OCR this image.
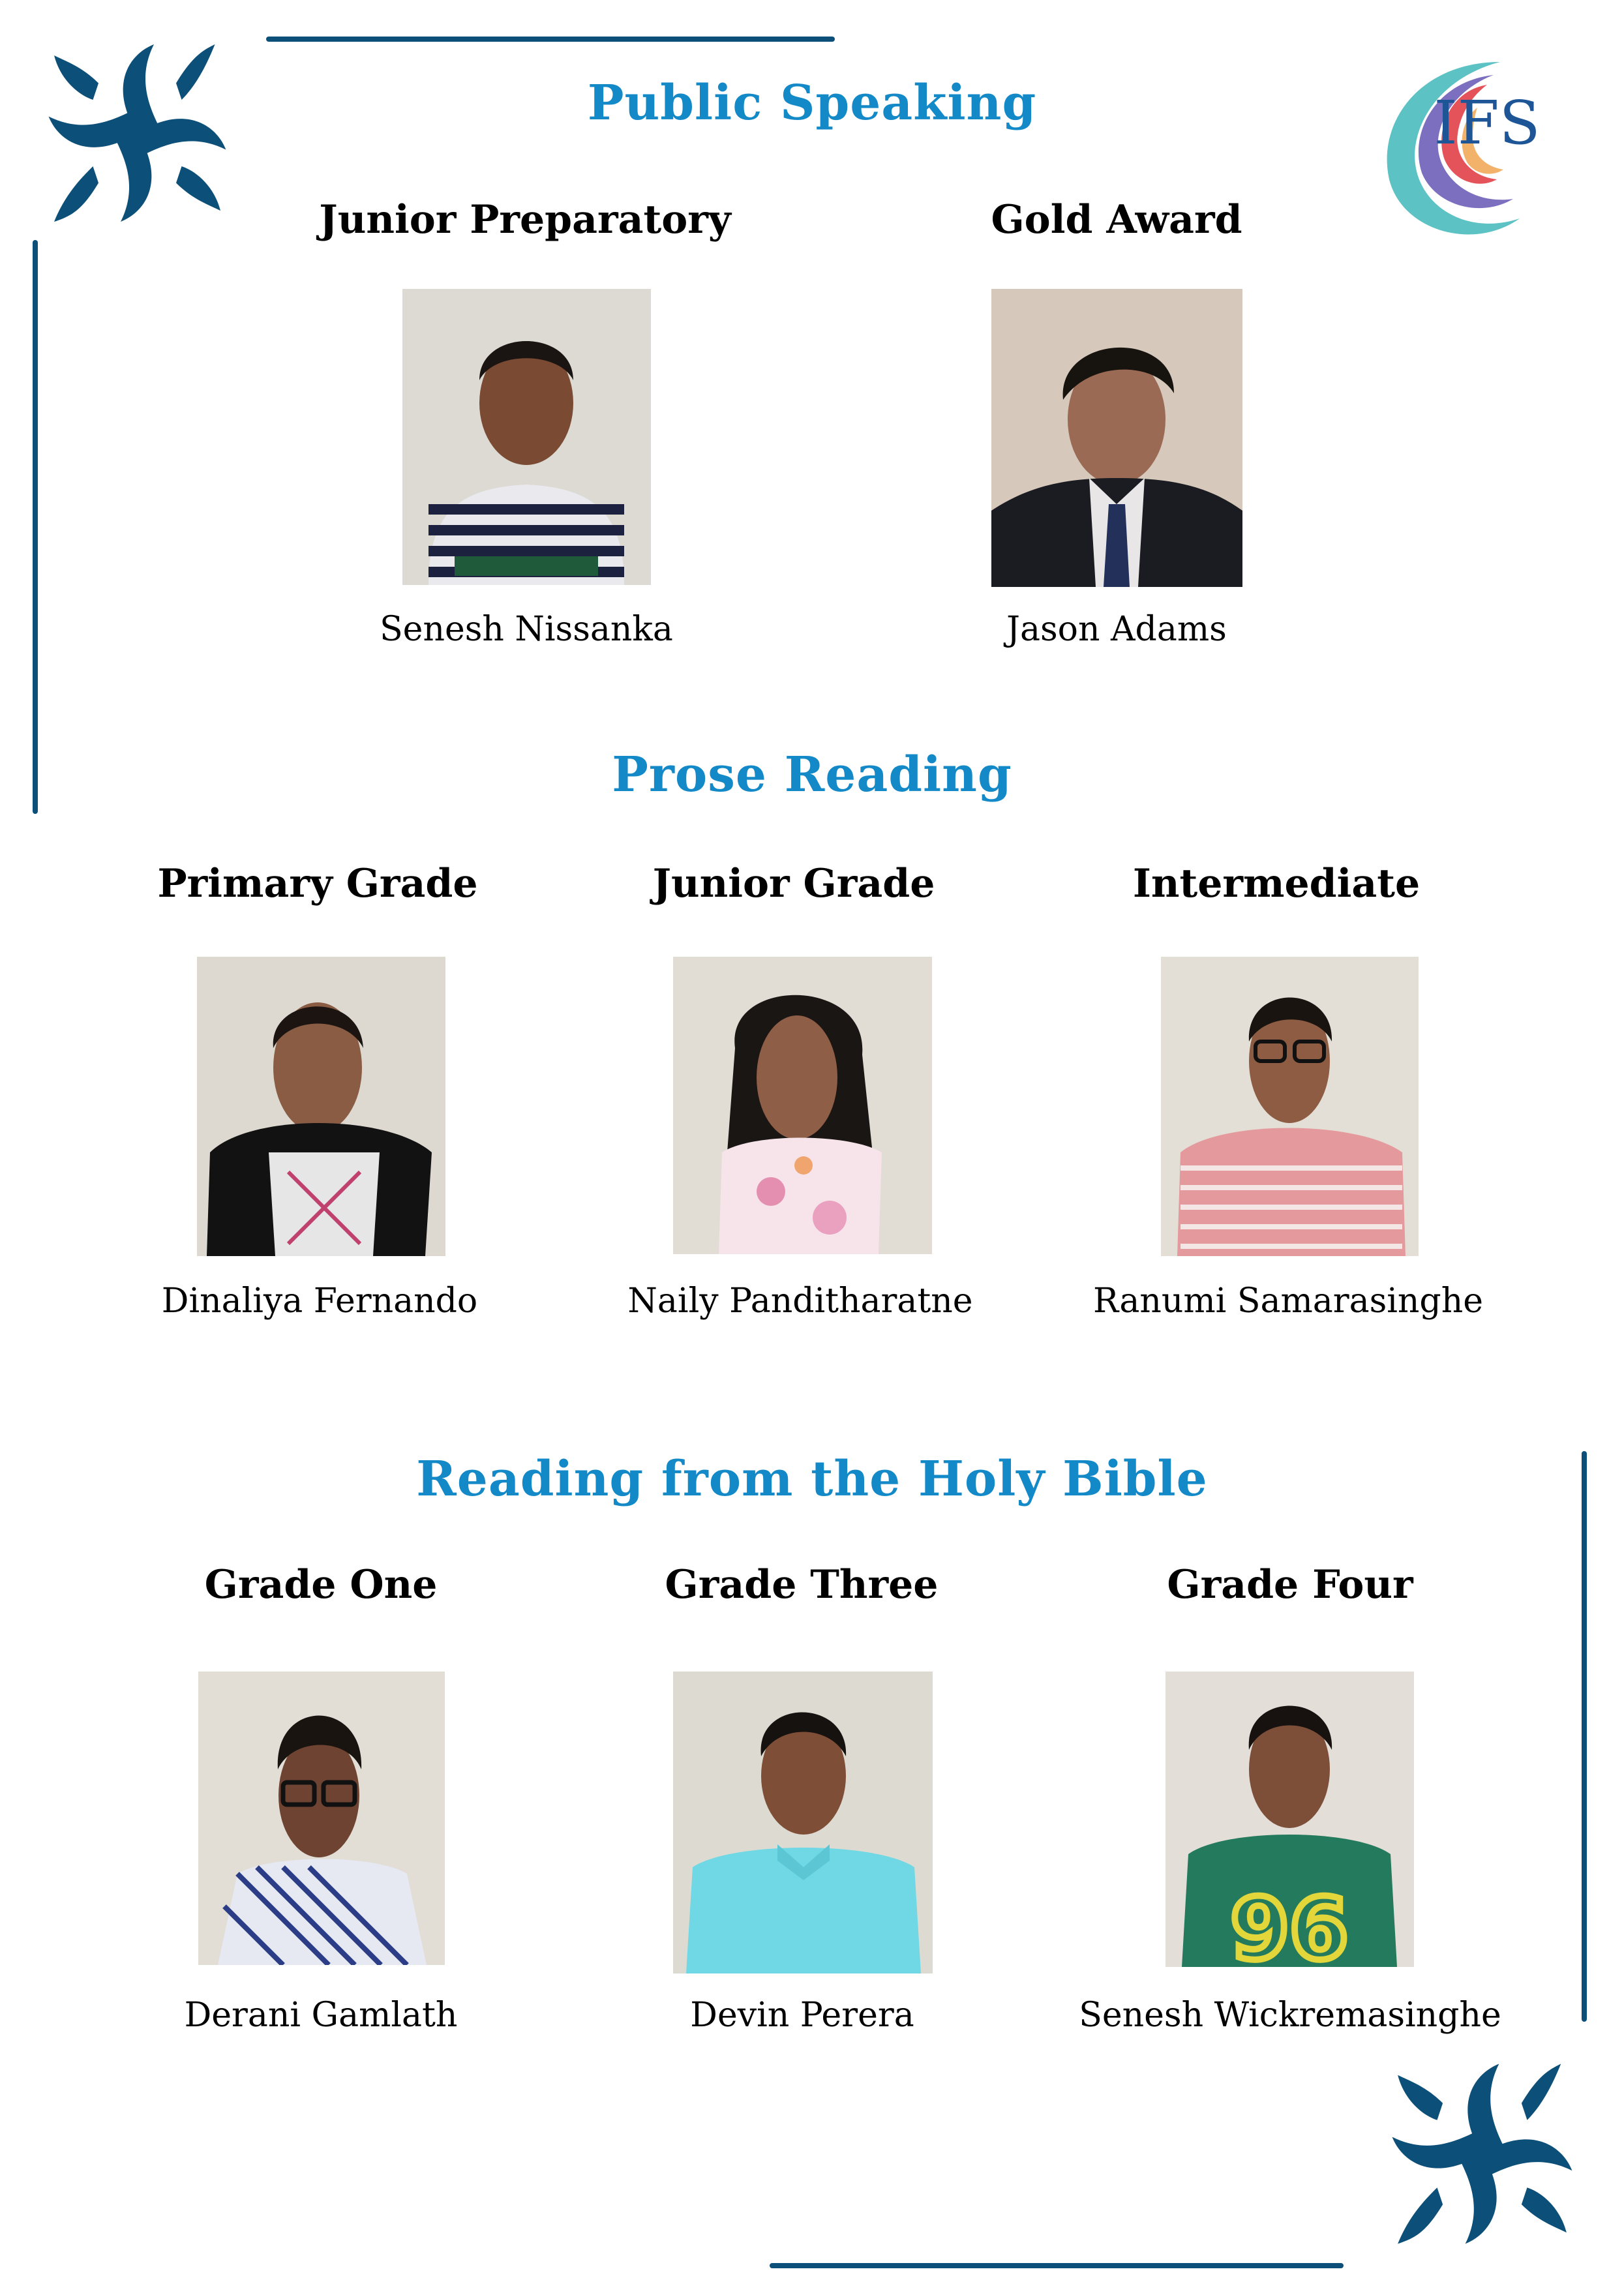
IFS
Public Speaking
Junior Preparatory	Gold Award
Senesh Nissanka	Jason Adams
Prose Reading
Primary Grade	Junior Grade	Intermediate
Dinaliya Fernando	Naily Panditharatne	Ranumi Samarasinghe
Reading from the Holy Bible
Grade One	Grade Three	Grade Four
96
Derani Gamlath	Devin Perera	Senesh Wickremasinghe
